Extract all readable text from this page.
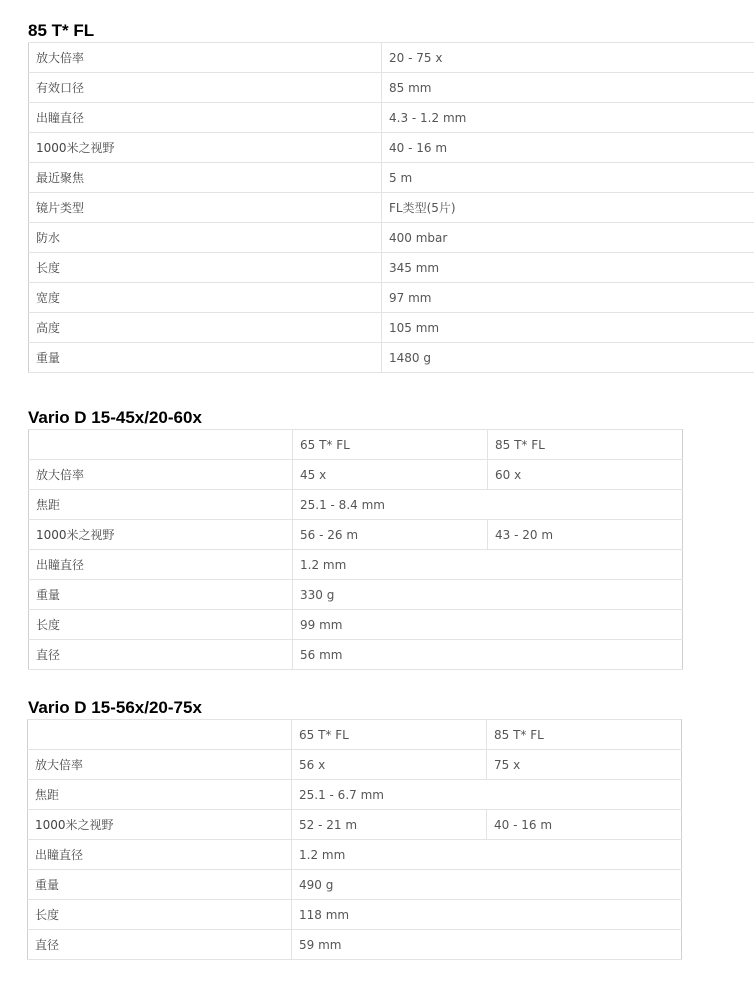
85 T* FL
放大倍率	20 - 75 x
有效口径	85 mm
出瞳直径	4.3 - 1.2 mm
1000米之视野	40 - 16 m
最近聚焦	5 m
镜片类型	FL类型(5片)
防水	400 mbar
长度	345 mm
宽度	97 mm
高度	105 mm
重量	1480 g
Vario D 15-45x/20-60x
	65 T* FL	85 T* FL
放大倍率	45 x	60 x
焦距	25.1 - 8.4 mm	
1000米之视野	56 - 26 m	43 - 20 m
出瞳直径	1.2 mm	
重量	330 g	
长度	99 mm	
直径	56 mm	
Vario D 15-56x/20-75x
	65 T* FL	85 T* FL
放大倍率	56 x	75 x
焦距	25.1 - 6.7 mm	
1000米之视野	52 - 21 m	40 - 16 m
出瞳直径	1.2 mm	
重量	490 g	
长度	118 mm	
直径	59 mm	
